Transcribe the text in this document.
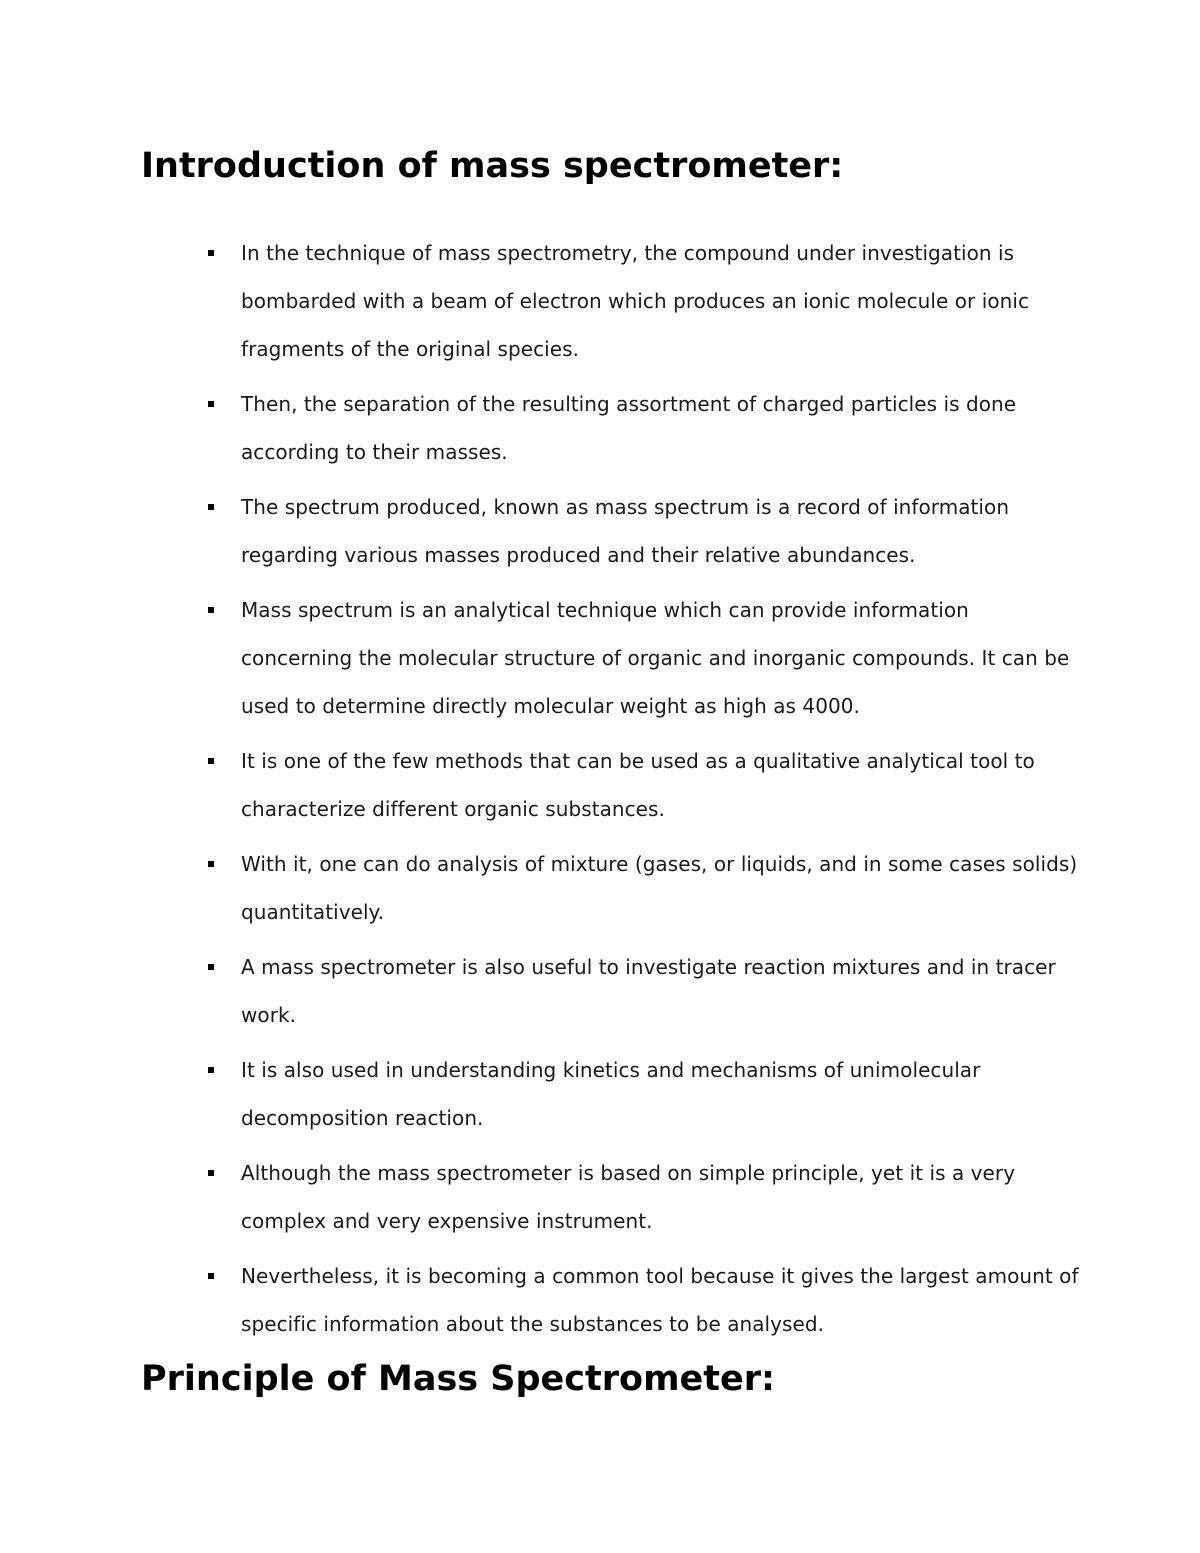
Introduction of mass spectrometer:
In the technique of mass spectrometry, the compound under investigation is bombarded with a beam of electron which produces an ionic molecule or ionic fragments of the original species.
Then, the separation of the resulting assortment of charged particles is done according to their masses.
The spectrum produced, known as mass spectrum is a record of information regarding various masses produced and their relative abundances.
Mass spectrum is an analytical technique which can provide information concerning the molecular structure of organic and inorganic compounds. It can be used to determine directly molecular weight as high as 4000.
It is one of the few methods that can be used as a qualitative analytical tool to characterize different organic substances.
With it, one can do analysis of mixture (gases, or liquids, and in some cases solids) quantitatively.
A mass spectrometer is also useful to investigate reaction mixtures and in tracer work.
It is also used in understanding kinetics and mechanisms of unimolecular decomposition reaction.
Although the mass spectrometer is based on simple principle, yet it is a very complex and very expensive instrument.
Nevertheless, it is becoming a common tool because it gives the largest amount of specific information about the substances to be analysed.
Principle of Mass Spectrometer:
